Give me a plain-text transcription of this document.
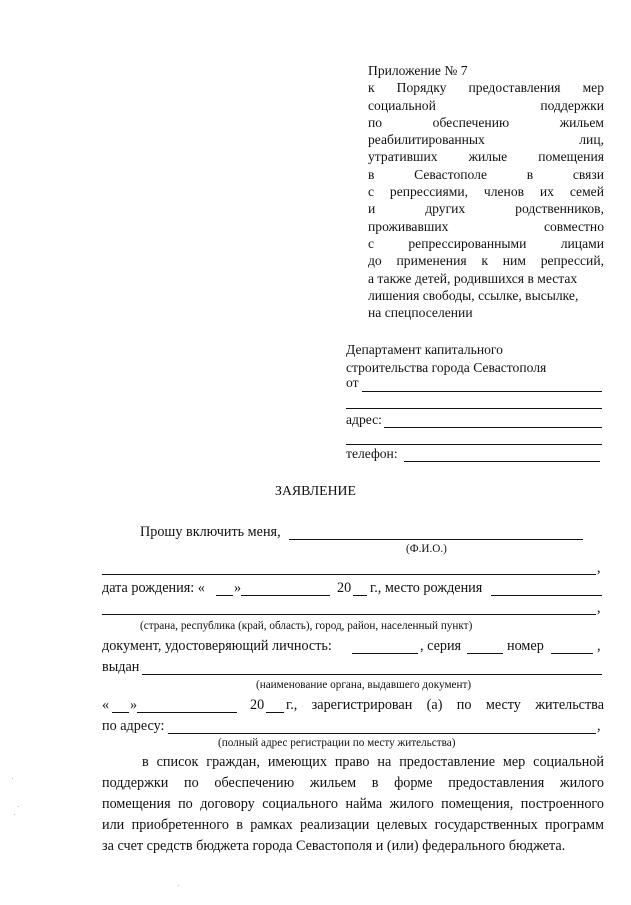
Приложение № 7
к Порядку предоставления мер
социальной поддержки
по обеспечению жильем
реабилитированных лиц,
утративших жилые помещения
в Севастополе в связи
с репрессиями, членов их семей
и других родственников,
проживавших совместно
с репрессированными лицами
до применения к ним репрессий,
а также детей, родившихся в местах
лишения свободы, ссылке, высылке,
на спецпоселении
Департамент капитального
строительства города Севастополя
от
адрес:
телефон:
ЗАЯВЛЕНИЕ
Прошу включить меня,
(Ф.И.О.)
,
дата рождения: « »	20 г., место рождения
,
(страна, республика (край, область), город, район, населенный пункт)
документ, удостоверяющий личность:	, серия	номер	,
выдан
(наименование органа, выдавшего документ)
« »	20 г., зарегистрирован (а) по месту жительства
по адресу:	,
(полный адрес регистрации по месту жительства)
в список граждан, имеющих право на предоставление мер социальной
поддержки по обеспечению жильем в форме предоставления жилого
помещения по договору социального найма жилого помещения, построенного
или приобретенного в рамках реализации целевых государственных программ
за счет средств бюджета города Севастополя и (или) федерального бюджета.
